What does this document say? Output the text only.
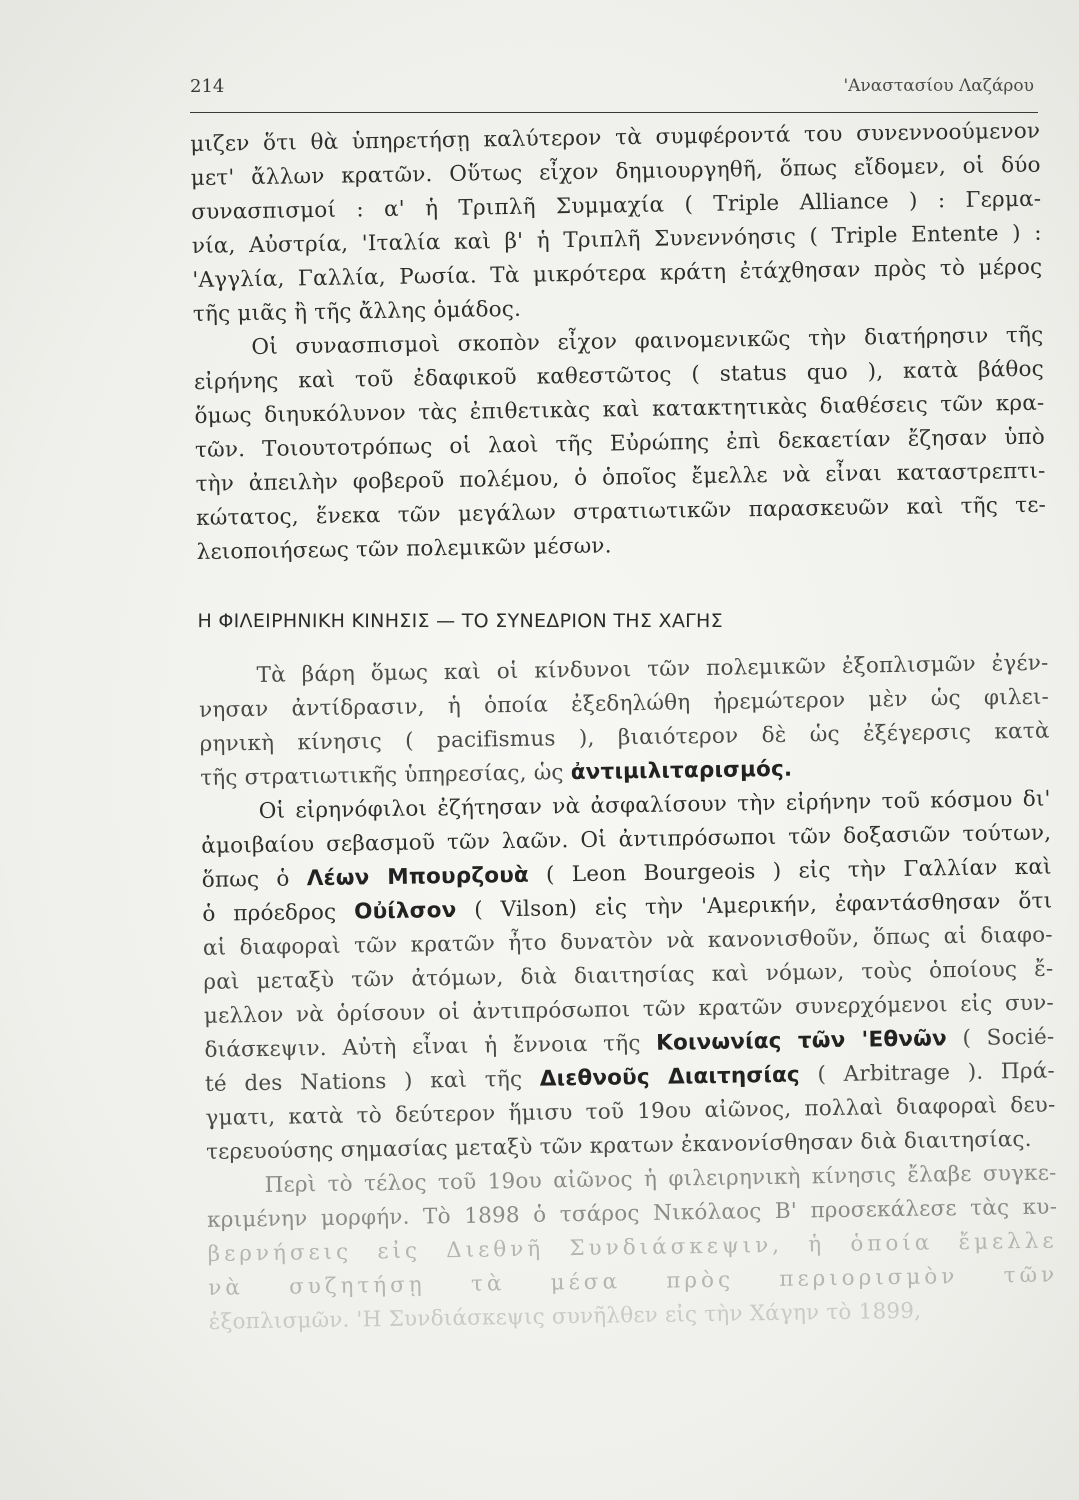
214	'Αναστασίου Λαζάρου
μιζεν ὅτι θὰ ὑπηρετήσῃ καλύτερον τὰ συμφέροντά του συνεννοούμενον
μετ' ἄλλων κρατῶν. Οὕτως εἶχον δημιουργηθῆ, ὅπως εἴδομεν, οἱ δύο
συνασπισμοί : α' ἡ Τριπλῆ Συμμαχία ( Triple Alliance ) : Γερμα-
νία, Αὐστρία, 'Ιταλία καὶ β' ἡ Τριπλῆ Συνεννόησις ( Triple Entente ) :
'Αγγλία, Γαλλία, Ρωσία. Τὰ μικρότερα κράτη ἐτάχθησαν πρὸς τὸ μέρος
τῆς μιᾶς ἢ τῆς ἄλλης ὁμάδος.
Οἱ συνασπισμοὶ σκοπὸν εἶχον φαινομενικῶς τὴν διατήρησιν τῆς
εἰρήνης καὶ τοῦ ἐδαφικοῦ καθεστῶτος ( status quo ), κατὰ βάθος
ὅμως διηυκόλυνον τὰς ἐπιθετικὰς καὶ κατακτητικὰς διαθέσεις τῶν κρα-
τῶν. Τοιουτοτρόπως οἱ λαοὶ τῆς Εὐρώπης ἐπὶ δεκαετίαν ἔζησαν ὑπὸ
τὴν ἀπειλὴν φοβεροῦ πολέμου, ὁ ὁποῖος ἔμελλε νὰ εἶναι καταστρεπτι-
κώτατος, ἕνεκα τῶν μεγάλων στρατιωτικῶν παρασκευῶν καὶ τῆς τε-
λειοποιήσεως τῶν πολεμικῶν μέσων.
Η ΦΙΛΕΙΡΗΝΙΚΗ ΚΙΝΗΣΙΣ — ΤΟ ΣΥΝΕΔΡΙΟΝ ΤΗΣ ΧΑΓΗΣ
Τὰ βάρη ὅμως καὶ οἱ κίνδυνοι τῶν πολεμικῶν ἐξοπλισμῶν ἐγέν-
νησαν ἀντίδρασιν, ἡ ὁποία ἐξεδηλώθη ἠρεμώτερον μὲν ὡς φιλει-
ρηνικὴ κίνησις ( pacifismus ), βιαιότερον δὲ ὡς ἐξέγερσις κατὰ
τῆς στρατιωτικῆς ὑπηρεσίας, ὡς ἀντιμιλιταρισμός.
Οἱ εἰρηνόφιλοι ἐζήτησαν νὰ ἀσφαλίσουν τὴν εἰρήνην τοῦ κόσμου δι'
ἀμοιβαίου σεβασμοῦ τῶν λαῶν. Οἱ ἀντιπρόσωποι τῶν δοξασιῶν τούτων,
ὅπως ὁ Λέων Μπουρζουὰ ( Leon Bourgeois ) εἰς τὴν Γαλλίαν καὶ
ὁ πρόεδρος Οὐίλσον ( Vilson) εἰς τὴν 'Αμερικήν, ἐφαντάσθησαν ὅτι
αἱ διαφοραὶ τῶν κρατῶν ἦτο δυνατὸν νὰ κανονισθοῦν, ὅπως αἱ διαφο-
ραὶ μεταξὺ τῶν ἀτόμων, διὰ διαιτησίας καὶ νόμων, τοὺς ὁποίους ἔ-
μελλον νὰ ὁρίσουν οἱ ἀντιπρόσωποι τῶν κρατῶν συνερχόμενοι εἰς συν-
διάσκεψιν. Αὐτὴ εἶναι ἡ ἔννοια τῆς Κοινωνίας τῶν 'Εθνῶν ( Socié-
té des Nations ) καὶ τῆς Διεθνοῦς Διαιτησίας ( Arbitrage ). Πρά-
γματι, κατὰ τὸ δεύτερον ἥμισυ τοῦ 19ου αἰῶνος, πολλαὶ διαφοραὶ δευ-
τερευούσης σημασίας μεταξὺ τῶν κρατων ἐκανονίσθησαν διὰ διαιτησίας.
Περὶ τὸ τέλος τοῦ 19ου αἰῶνος ἡ φιλειρηνικὴ κίνησις ἔλαβε συγκε-
κριμένην μορφήν. Τὸ 1898 ὁ τσάρος Νικόλαος Β' προσεκάλεσε τὰς κυ-
βερνήσεις εἰς Διεθνῆ Συνδιάσκεψιν, ἡ ὁποία ἔμελλε
νὰ συζητήσῃ τὰ μέσα πρὸς περιορισμὸν τῶν
ἐξοπλισμῶν. 'Η Συνδιάσκεψις συνῆλθεν εἰς τὴν Χάγην τὸ 1899,
